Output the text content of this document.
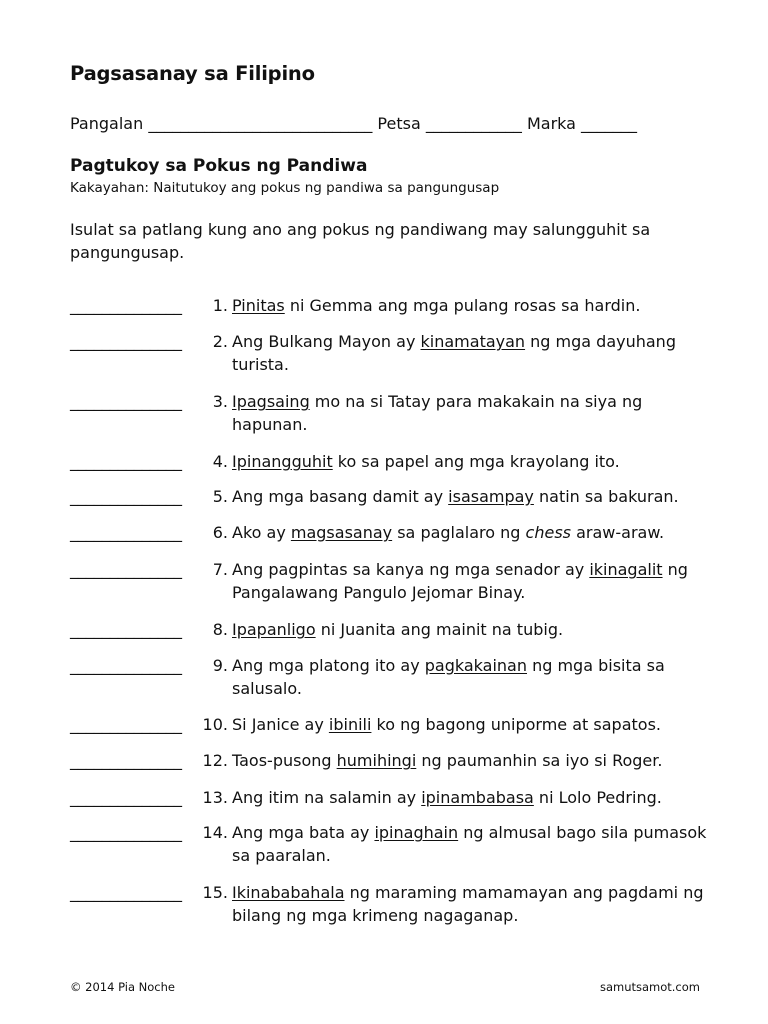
Pagsasanay sa Filipino
Pangalan ____________________________ Petsa ____________ Marka _______
Pagtukoy sa Pokus ng Pandiwa
Kakayahan: Naitutukoy ang pokus ng pandiwa sa pangungusap
Isulat sa patlang kung ano ang pokus ng pandiwang may salungguhit sa pangungusap.
______________	1. Pinitas ni Gemma ang mga pulang rosas sa hardin.
______________	2. Ang Bulkang Mayon ay kinamatayan ng mga dayuhang turista.
______________	3. Ipagsaing mo na si Tatay para makakain na siya ng hapunan.
______________	4. Ipinangguhit ko sa papel ang mga krayolang ito.
______________	5. Ang mga basang damit ay isasampay natin sa bakuran.
______________	6. Ako ay magsasanay sa paglalaro ng chess araw-araw.
______________	7. Ang pagpintas sa kanya ng mga senador ay ikinagalit ng Pangalawang Pangulo Jejomar Binay.
______________	8. Ipapanligo ni Juanita ang mainit na tubig.
______________	9. Ang mga platong ito ay pagkakainan ng mga bisita sa salusalo.
______________ 10. Si Janice ay ibinili ko ng bagong uniporme at sapatos.
______________ 12. Taos-pusong humihingi ng paumanhin sa iyo si Roger.
______________ 13. Ang itim na salamin ay ipinambabasa ni Lolo Pedring.
______________ 14. Ang mga bata ay ipinaghain ng almusal bago sila pumasok sa paaralan.
______________ 15. Ikinababahala ng maraming mamamayan ang pagdami ng bilang ng mga krimeng nagaganap.
© 2014 Pia Noche	samutsamot.com
